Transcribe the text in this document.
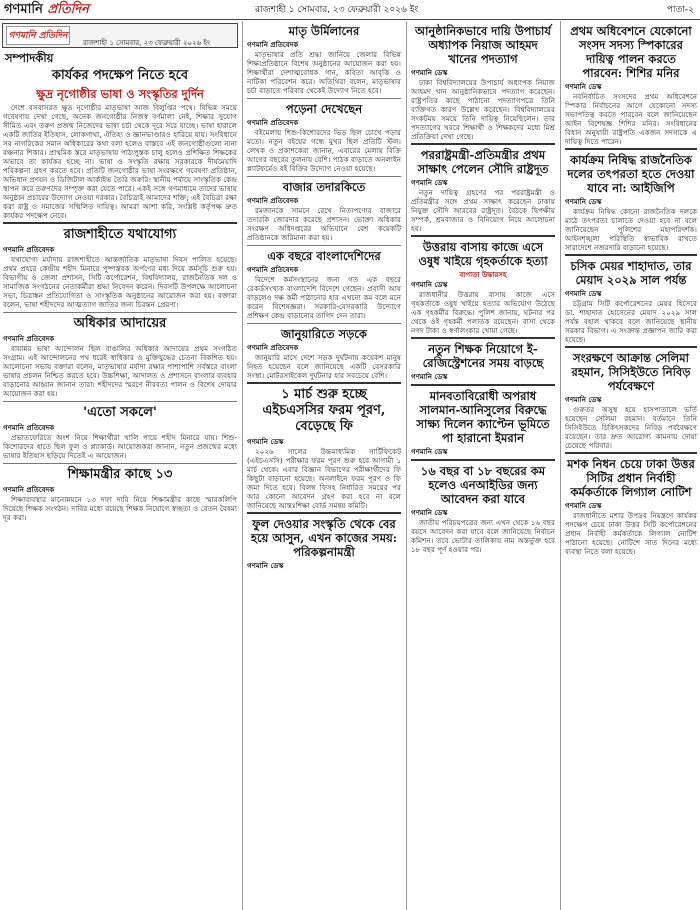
গণমানি প্রতিদিন	রাজশাহী ১ সোমবার, ২৩ ফেব্রুয়ারী ২০২৬ ইং	পাতা-২
গণমানি প্রতিদিন
রাজশাহী ১ সোমবার, ২৩ ফেব্রুয়ারী ২০২৬ ইং
সম্পাদকীয়
কার্যকর পদক্ষেপ নিতে হবে
ক্ষুদ্র নৃগোষ্ঠীর ভাষা ও সংস্কৃতির দুর্দিন

দেশে বসবাসরত ক্ষুদ্র নৃগোষ্ঠীর মাতৃভাষা আজ বিলুপ্তির পথে। বিভিন্ন সময়ে গবেষণায় দেখা গেছে, অনেক জনগোষ্ঠীর নিজস্ব বর্ণমালা নেই, শিক্ষার সুযোগ সীমিত এবং তরুণ প্রজন্ম নিজেদের ভাষা চর্চা থেকে দূরে সরে যাচ্ছে। ভাষা হারালে একটি জাতির ইতিহাস, লোকগাথা, ঐতিহ্য ও জ্ঞানভাণ্ডারও হারিয়ে যায়। সংবিধানে সব নাগরিকের সমান অধিকারের কথা বলা হলেও বাস্তবে এই জনগোষ্ঠীগুলো নানা বঞ্চনার শিকার। প্রাথমিক স্তরে মাতৃভাষায় পাঠ্যপুস্তক চালু হলেও প্রশিক্ষিত শিক্ষকের অভাবে তা কার্যকর হচ্ছে না। ভাষা ও সংস্কৃতি রক্ষায় সরকারকে দীর্ঘমেয়াদি পরিকল্পনা গ্রহণ করতে হবে। প্রতিটি জনগোষ্ঠীর ভাষা সংরক্ষণে গবেষণা প্রতিষ্ঠান, অভিধান প্রণয়ন ও ডিজিটাল আর্কাইভ তৈরি জরুরি। স্থানীয় পর্যায়ে সাংস্কৃতিক কেন্দ্র স্থাপন করে তরুণদের সম্পৃক্ত করা যেতে পারে। একই সঙ্গে গণমাধ্যমে তাদের ভাষায় অনুষ্ঠান প্রচারের উদ্যোগ নেওয়া দরকার। বৈচিত্র্যই আমাদের শক্তি; এই বৈচিত্র্য রক্ষা করা রাষ্ট্র ও সমাজের সম্মিলিত দায়িত্ব। আমরা আশা করি, সংশ্লিষ্ট কর্তৃপক্ষ দ্রুত কার্যকর পদক্ষেপ নেবে।

রাজশাহীতে যথাযোগ্য
গণমানি প্রতিবেদক

যথাযোগ্য মর্যাদায় রাজশাহীতে আন্তর্জাতিক মাতৃভাষা দিবস পালিত হয়েছে। প্রথম প্রহরে কেন্দ্রীয় শহীদ মিনারে পুষ্পস্তবক অর্পণের মধ্য দিয়ে কর্মসূচি শুরু হয়। বিভাগীয় ও জেলা প্রশাসন, সিটি কর্পোরেশন, বিশ্ববিদ্যালয়, রাজনৈতিক দল ও সামাজিক সংগঠনের নেতাকর্মীরা শ্রদ্ধা নিবেদন করেন। দিবসটি উপলক্ষে আলোচনা সভা, চিত্রাঙ্কন প্রতিযোগিতা ও সাংস্কৃতিক অনুষ্ঠানের আয়োজন করা হয়। বক্তারা বলেন, ভাষা শহীদদের আত্মত্যাগ জাতির জন্য চিরন্তন প্রেরণা।

অধিকার আদায়ের
গণমানি প্রতিবেদক

বায়ান্নর ভাষা আন্দোলন ছিল বাঙালির অধিকার আদায়ের প্রথম সংগঠিত সংগ্রাম। এই আন্দোলনের পথ ধরেই স্বাধিকার ও মুক্তিযুদ্ধের চেতনা বিকশিত হয়। আলোচনা সভায় বক্তারা বলেন, মাতৃভাষার মর্যাদা রক্ষার পাশাপাশি সর্বস্তরে বাংলা ভাষার প্রচলন নিশ্চিত করতে হবে। উচ্চশিক্ষা, আদালত ও প্রশাসনে বাংলার ব্যবহার বাড়ানোর আহ্বান জানান তারা। শহীদদের স্মরণে নীরবতা পালন ও বিশেষ দোয়ার আয়োজন করা হয়।

'এতো সকলে'
গণমানি প্রতিবেদক

প্রভাতফেরিতে অংশ নিয়ে শিক্ষার্থীরা খালি পায়ে শহীদ মিনারে যায়। শিশু-কিশোরদের হাতে ছিল ফুল ও প্ল্যাকার্ড। আয়োজকরা জানান, নতুন প্রজন্মের মধ্যে ভাষার ইতিহাস ছড়িয়ে দিতেই এ আয়োজন।

শিক্ষামন্ত্রীর কাছে ১৩
গণমানি প্রতিবেদক

শিক্ষাব্যবস্থার মানোন্নয়নে ১৩ দফা দাবি নিয়ে শিক্ষামন্ত্রীর কাছে স্মারকলিপি দিয়েছে শিক্ষক সংগঠন। দাবির মধ্যে রয়েছে শিক্ষক নিয়োগে স্বচ্ছতা ও বেতন বৈষম্য দূর করা।

মাতৃ উর্মিলানের
গণমানি প্রতিবেদক

মাতৃভাষার প্রতি শ্রদ্ধা জানিয়ে জেলার বিভিন্ন শিক্ষাপ্রতিষ্ঠানে বিশেষ অনুষ্ঠানের আয়োজন করা হয়। শিক্ষার্থীরা দেশাত্মবোধক গান, কবিতা আবৃত্তি ও নাটিকা পরিবেশন করে। অতিথিরা বলেন, মাতৃভাষার চর্চা বাড়াতে পরিবার থেকেই উদ্যোগ নিতে হবে।

পড়েনা দেখেছেন
গণমানি প্রতিবেদক

বইমেলায় শিশু-কিশোরদের ভিড় ছিল চোখে পড়ার মতো। নতুন বইয়ের গন্ধে মুখর ছিল প্রতিটি স্টল। লেখক ও প্রকাশকেরা জানান, এবারের মেলায় বিক্রি আগের বছরের তুলনায় বেশি। পাঠক বাড়াতে অনলাইন প্ল্যাটফর্মেও বই বিক্রির উদ্যোগ নেওয়া হয়েছে।

বাজার তদারকিতে
গণমানি প্রতিবেদক

রমজানকে সামনে রেখে নিত্যপণ্যের বাজারে তদারকি জোরদার করেছে প্রশাসন। ভোক্তা অধিকার সংরক্ষণ অধিদপ্তরের অভিযানে বেশ কয়েকটি প্রতিষ্ঠানকে জরিমানা করা হয়।

এক বছরে বাংলাদেশিদের
গণমানি প্রতিবেদক

বিদেশে কর্মসংস্থানের জন্য গত এক বছরে রেকর্ডসংখ্যক বাংলাদেশি বিদেশে গেছেন। প্রবাসী আয় বাড়লেও দক্ষ কর্মী পাঠানোর হার এখনো কম বলে মনে করেন বিশেষজ্ঞরা। সরকারি-বেসরকারি উদ্যোগে প্রশিক্ষণ কেন্দ্র বাড়ানোর তাগিদ দেন তারা।

জানুয়ারিতে সড়কে
গণমানি প্রতিবেদক

জানুয়ারি মাসে দেশে সড়ক দুর্ঘটনায় কয়েকশ মানুষ নিহত হয়েছেন বলে জানিয়েছে একটি বেসরকারি সংস্থা। মোটরসাইকেল দুর্ঘটনার হার সবচেয়ে বেশি।

১ মার্চ শুরু হচ্ছে এইচএসসির ফরম পূরণ, বেড়েছে ফি
গণমানি ডেস্ক

২০২৬ সালের উচ্চমাধ্যমিক সার্টিফিকেট (এইচএসসি) পরীক্ষার ফরম পূরণ শুরু হবে আগামী ১ মার্চ থেকে। এবার বিজ্ঞান বিভাগের পরীক্ষার্থীদের ফি কিছুটা বাড়ানো হয়েছে। অনলাইনে ফরম পূরণ ও ফি জমা দিতে হবে। বিলম্ব ফিসহ নির্ধারিত সময়ের পর আর কোনো আবেদন গ্রহণ করা হবে না বলে জানিয়েছে আন্তঃশিক্ষা বোর্ড সমন্বয় কমিটি।

ফুল দেওয়ার সংস্কৃতি থেকে বের হয়ে আসুন, এখন কাজের সময়: পরিকল্পনামন্ত্রী
গণমানি ডেস্ক
আনুষ্ঠানিকভাবে দায়ি উপাচার্য অধ্যাপক নিয়াজ আহমদ খানের পদত্যাগ
গণমানি ডেস্ক

ঢাকা বিশ্ববিদ্যালয়ের উপাচার্য অধ্যাপক নিয়াজ আহমদ খান আনুষ্ঠানিকভাবে পদত্যাগ করেছেন। রাষ্ট্রপতির কাছে পাঠানো পদত্যাগপত্রে তিনি ব্যক্তিগত কারণ উল্লেখ করেছেন। বিশ্ববিদ্যালয়ের সংকটময় সময়ে তিনি দায়িত্ব নিয়েছিলেন। তার পদত্যাগের খবরে শিক্ষার্থী ও শিক্ষকদের মধ্যে মিশ্র প্রতিক্রিয়া দেখা গেছে।

পররাষ্ট্রমন্ত্রী-প্রতিমন্ত্রীর প্রথম সাক্ষাৎ পেলেন সৌদি রাষ্ট্রদূত
গণমানি ডেস্ক

নতুন দায়িত্ব গ্রহণের পর পররাষ্ট্রমন্ত্রী ও প্রতিমন্ত্রীর সঙ্গে প্রথম সাক্ষাৎ করেছেন ঢাকায় নিযুক্ত সৌদি আরবের রাষ্ট্রদূত। বৈঠকে দ্বিপক্ষীয় সম্পর্ক, শ্রমবাজার ও বিনিয়োগ নিয়ে আলোচনা হয়।

উত্তরায় বাসায় কাজে এসে ওষুধ খাইয়ে গৃহকর্তাকে হত্যা
বাপাতা উদ্ধারসহ
গণমানি ডেস্ক

রাজধানীর উত্তরায় বাসায় কাজে এসে গৃহকর্তাকে ওষুধ খাইয়ে হত্যার অভিযোগ উঠেছে এক গৃহকর্মীর বিরুদ্ধে। পুলিশ জানায়, ঘটনার পর থেকে ওই গৃহকর্মী পলাতক রয়েছেন। বাসা থেকে নগদ টাকা ও স্বর্ণালংকার খোয়া গেছে।

নতুন শিক্ষক নিয়োগে ই-রেজিস্ট্রেশনের সময় বাড়ছে
গণমানি ডেস্ক
মানবতাবিরোধী অপরাধ সালমান-আনিসুলের বিরুদ্ধে সাক্ষ্য দিলেন ক্যাপ্টেন ভূমিতে পা হারানো ইমরান
গণমানি ডেস্ক
১৬ বছর বা ১৮ বছরের কম হলেও এনআইডির জন্য আবেদন করা যাবে
গণমানি ডেস্ক

জাতীয় পরিচয়পত্রের জন্য এখন থেকে ১৬ বছর বয়সে আবেদন করা যাবে বলে জানিয়েছে নির্বাচন কমিশন। তবে ভোটার তালিকায় নাম অন্তর্ভুক্ত হবে ১৮ বছর পূর্ণ হওয়ার পর।

প্রথম অধিবেশনে যেকোনো সংসদ সদস্য স্পিকারের দায়িত্ব পালন করতে পারবেন: শিশির মনির
গণমানি ডেস্ক

নবনির্বাচিত সংসদের প্রথম অধিবেশনে স্পিকার নির্বাচনের আগে যেকোনো সদস্য সভাপতিত্ব করতে পারবেন বলে জানিয়েছেন আইন বিশেষজ্ঞ শিশির মনির। সংবিধানের বিধান অনুযায়ী রাষ্ট্রপতি একজন সদস্যকে এ দায়িত্ব দিতে পারেন।

কার্যক্রম নিষিদ্ধ রাজনৈতিক দলের তৎপরতা হতে দেওয়া যাবে না: আইজিপি
গণমানি ডেস্ক

কার্যক্রম নিষিদ্ধ কোনো রাজনৈতিক দলকে মাঠে তৎপরতা চালাতে দেওয়া হবে না বলে জানিয়েছেন পুলিশের মহাপরিদর্শক। আইনশৃঙ্খলা পরিস্থিতি স্বাভাবিক রাখতে সারাদেশে নজরদারি বাড়ানো হয়েছে।

চসিক মেয়র শাহাদাত, তার মেয়াদ ২০২৯ সাল পর্যন্ত
গণমানি ডেস্ক

চট্টগ্রাম সিটি কর্পোরেশনের মেয়র হিসেবে ডা. শাহাদাত হোসেনের মেয়াদ ২০২৯ সাল পর্যন্ত বহাল থাকবে বলে জানিয়েছে স্থানীয় সরকার বিভাগ। এ সংক্রান্ত প্রজ্ঞাপন জারি করা হয়েছে।

সংরক্ষণে আক্রান্ত সেলিমা রহমান, সিসিইউতে নিবিড় পর্যবেক্ষণে
গণমানি ডেস্ক

গুরুতর অসুস্থ হয়ে হাসপাতালে ভর্তি হয়েছেন সেলিমা রহমান। বর্তমানে তিনি সিসিইউতে চিকিৎসকদের নিবিড় পর্যবেক্ষণে রয়েছেন। তার দ্রুত আরোগ্য কামনায় দোয়া চেয়েছে পরিবার।

মশক নিধন চেয়ে ঢাকা উত্তর সিটির প্রধান নির্বাহী কর্মকর্তাকে লিগ্যাল নোটিশ
গণমানি ডেস্ক

রাজধানীতে মশার উপদ্রব নিয়ন্ত্রণে কার্যকর পদক্ষেপ চেয়ে ঢাকা উত্তর সিটি কর্পোরেশনের প্রধান নির্বাহী কর্মকর্তাকে লিগ্যাল নোটিশ পাঠানো হয়েছে। নোটিশে সাত দিনের মধ্যে ব্যবস্থা নিতে বলা হয়েছে।
